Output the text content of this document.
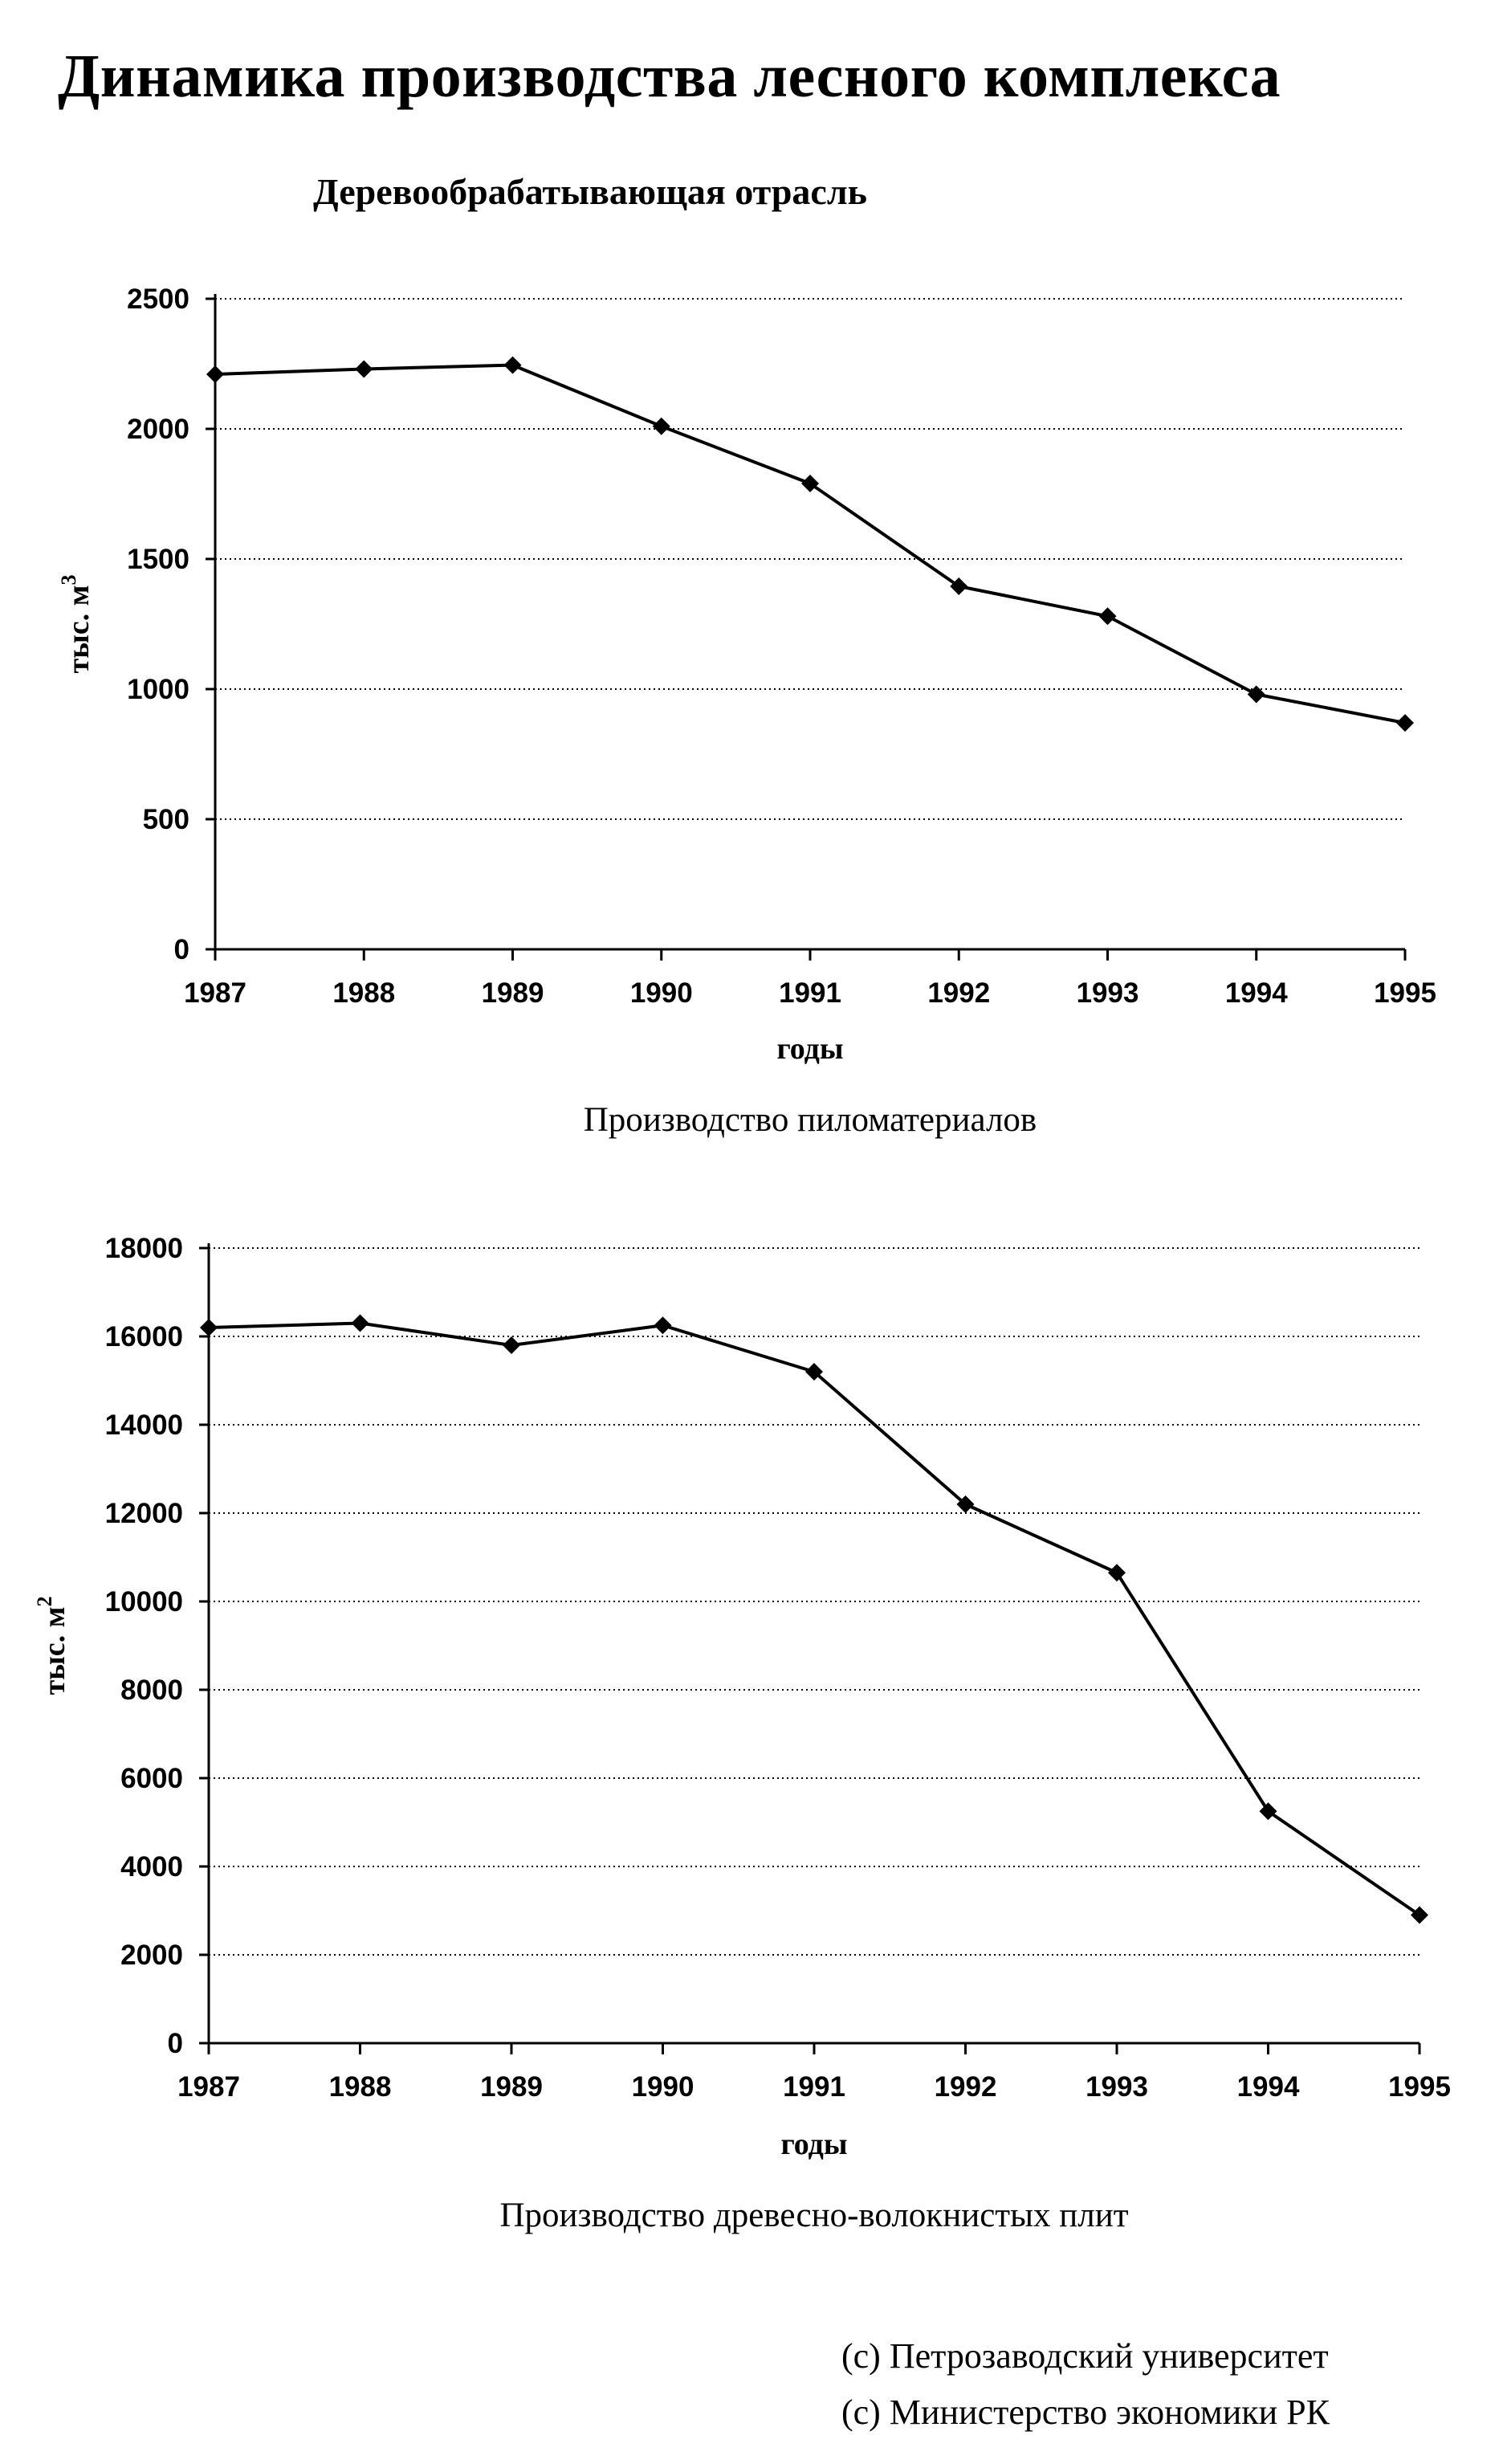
Динамика производства лесного комплекса
Деревообрабатывающая отрасль
0
500
1000
1500
2000
2500
1987	1988	1989	1990	1991	1992	1993	1994	1995
тыс. $м^3$
годы
Производство пиломатериалов
0
2000
4000
6000
8000
10000
12000
14000
16000
18000
1987	1988	1989	1990	1991	1992	1993	1994	1995
тыс. $м^2$
годы
Производство древесно-волокнистых плит

(с) Петрозаводский университет

(с) Министерство экономики РК
